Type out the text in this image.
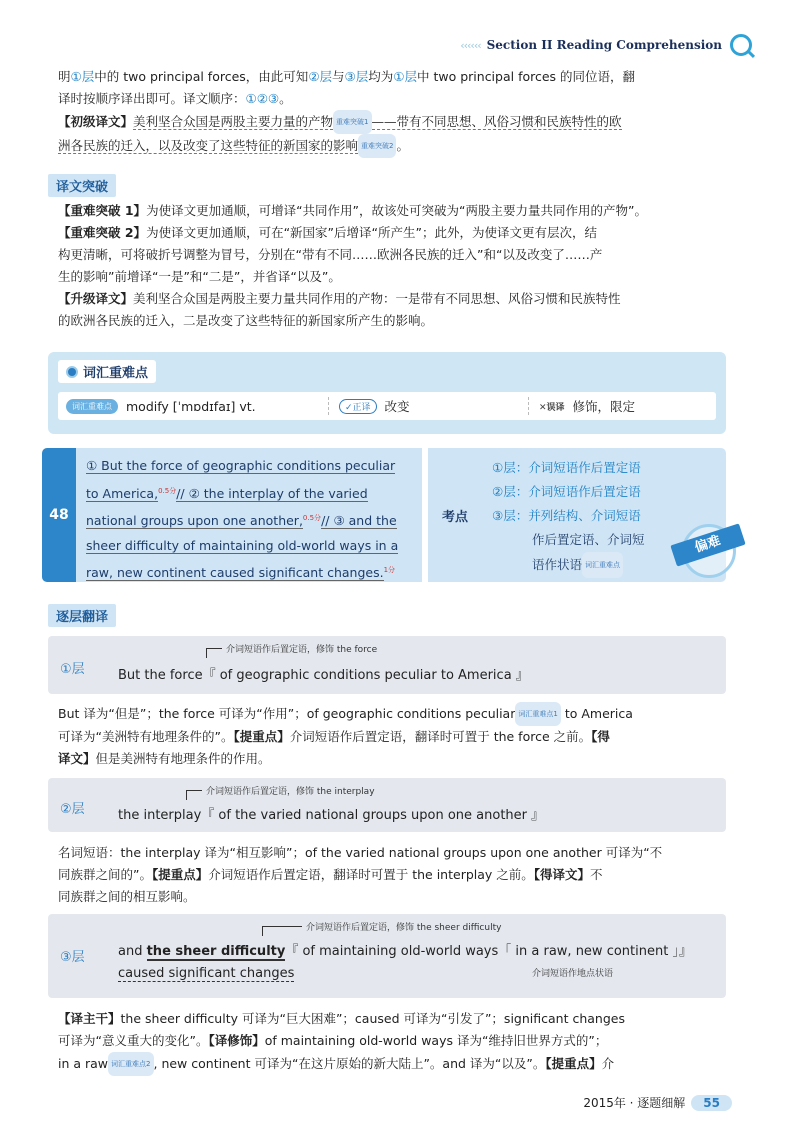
‹‹‹‹‹‹ Section II Reading Comprehension
明①层中的 two principal forces，由此可知②层与③层均为①层中 two principal forces 的同位语，翻
译时按顺序译出即可。译文顺序：①②③。
【初级译文】美利坚合众国是两股主要力量的产物 重难突破1 ——带有不同思想、风俗习惯和民族特性的欧
洲各民族的迁入，以及改变了这些特征的新国家的影响 重难突破2 。
译文突破
【重难突破 1】为使译文更加通顺，可增译“共同作用”，故该处可突破为“两股主要力量共同作用的产物”。
【重难突破 2】为使译文更加通顺，可在“新国家”后增译“所产生”；此外，为使译文更有层次，结
构更清晰，可将破折号调整为冒号，分别在“带有不同……欧洲各民族的迁入”和“以及改变了……产
生的影响”前增译“一是”和“二是”，并省译“以及”。
【升级译文】美利坚合众国是两股主要力量共同作用的产物：一是带有不同思想、风俗习惯和民族特性
的欧洲各民族的迁入，二是改变了这些特征的新国家所产生的影响。
词汇重难点
词汇重难点	modify [ˈmɒdɪfaɪ] vt.	✓正译	改变	✕误译 修饰，限定
48
① But the force of geographic conditions peculiar
to America,$^{0.5分}$// ② the interplay of the varied
national groups upon one another,$^{0.5分}$// ③ and the
sheer difficulty of maintaining old-world ways in a
raw, new continent caused significant changes.$^{1分}$
考点
①层：介词短语作后置定语
②层：介词短语作后置定语
③层：并列结构、介词短语
作后置定语、介词短
语作状语 词汇重难点
偏难
逐层翻译
①层
介词短语作后置定语，修饰 the force
But the force『 of geographic conditions peculiar to America 』
But 译为“但是”；the force 可译为“作用”；of geographic conditions peculiar 词汇重难点1 to America
可译为“美洲特有地理条件的”。【提重点】介词短语作后置定语，翻译时可置于 the force 之前。【得
译文】但是美洲特有地理条件的作用。
②层
介词短语作后置定语，修饰 the interplay
the interplay『 of the varied national groups upon one another 』
名词短语：the interplay 译为“相互影响”；of the varied national groups upon one another 可译为“不
同族群之间的”。【提重点】介词短语作后置定语，翻译时可置于 the interplay 之前。【得译文】不
同族群之间的相互影响。
③层
介词短语作后置定语，修饰 the sheer difficulty
and the sheer difficulty『 of maintaining old-world ways「 in a raw, new continent 」』
caused significant changes	介词短语作地点状语
【译主干】the sheer difficulty 可译为“巨大困难”；caused 可译为“引发了”；significant changes
可译为“意义重大的变化”。【译修饰】of maintaining old-world ways 译为“维持旧世界方式的”；
in a raw 词汇重难点2 , new continent 可译为“在这片原始的新大陆上”。and 译为“以及”。【提重点】介
2015年 · 逐题细解	55
